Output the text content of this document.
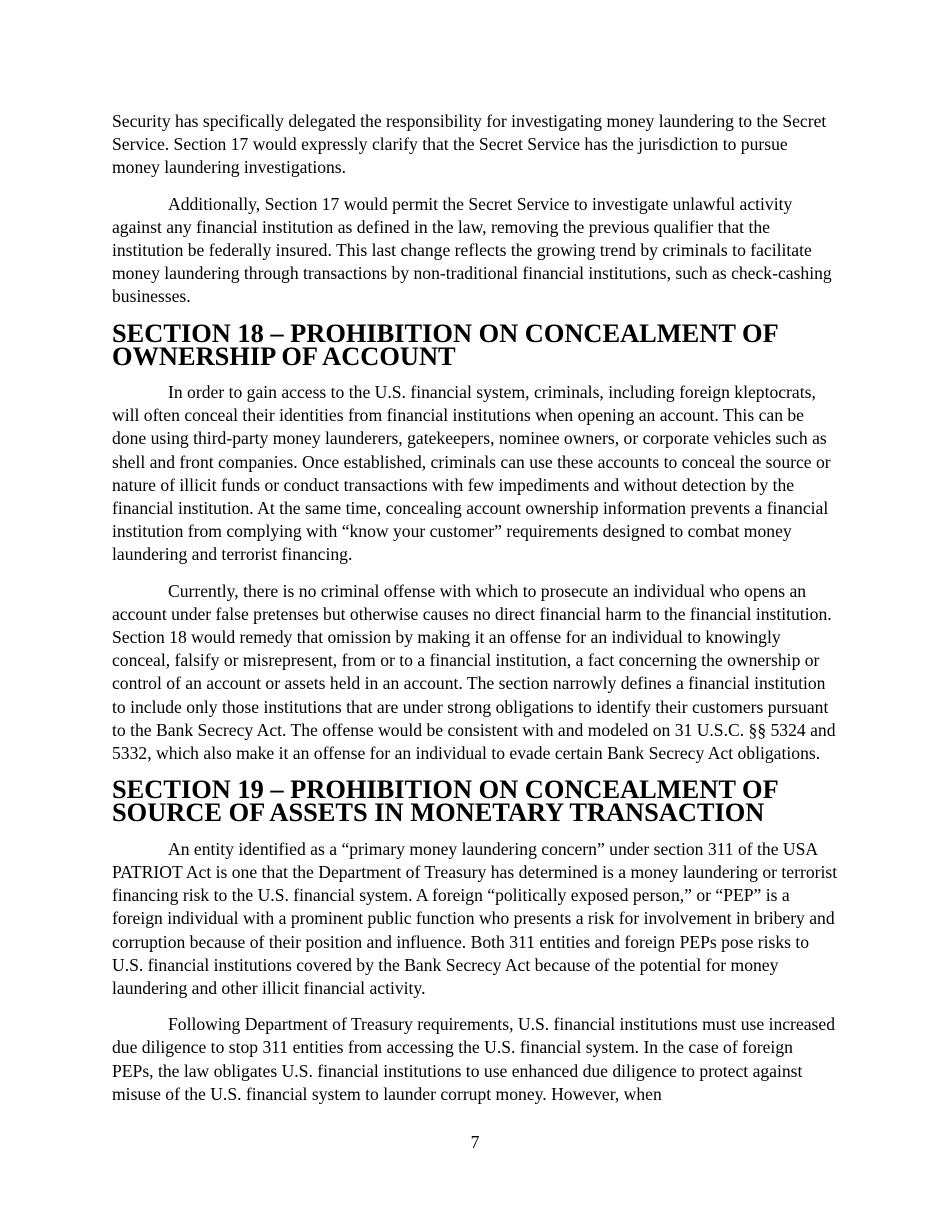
Security has specifically delegated the responsibility for investigating money laundering to the Secret Service. Section 17 would expressly clarify that the Secret Service has the jurisdiction to pursue money laundering investigations.

Additionally, Section 17 would permit the Secret Service to investigate unlawful activity against any financial institution as defined in the law, removing the previous qualifier that the institution be federally insured. This last change reflects the growing trend by criminals to facilitate money laundering through transactions by non-traditional financial institutions, such as check-cashing businesses.

SECTION 18 – PROHIBITION ON CONCEALMENT OF OWNERSHIP OF ACCOUNT

In order to gain access to the U.S. financial system, criminals, including foreign kleptocrats, will often conceal their identities from financial institutions when opening an account. This can be done using third-party money launderers, gatekeepers, nominee owners, or corporate vehicles such as shell and front companies. Once established, criminals can use these accounts to conceal the source or nature of illicit funds or conduct transactions with few impediments and without detection by the financial institution. At the same time, concealing account ownership information prevents a financial institution from complying with “know your customer” requirements designed to combat money laundering and terrorist financing.

Currently, there is no criminal offense with which to prosecute an individual who opens an account under false pretenses but otherwise causes no direct financial harm to the financial institution. Section 18 would remedy that omission by making it an offense for an individual to knowingly conceal, falsify or misrepresent, from or to a financial institution, a fact concerning the ownership or control of an account or assets held in an account. The section narrowly defines a financial institution to include only those institutions that are under strong obligations to identify their customers pursuant to the Bank Secrecy Act. The offense would be consistent with and modeled on 31 U.S.C. §§ 5324 and 5332, which also make it an offense for an individual to evade certain Bank Secrecy Act obligations.

SECTION 19 – PROHIBITION ON CONCEALMENT OF SOURCE OF ASSETS IN MONETARY TRANSACTION

An entity identified as a “primary money laundering concern” under section 311 of the USA PATRIOT Act is one that the Department of Treasury has determined is a money laundering or terrorist financing risk to the U.S. financial system. A foreign “politically exposed person,” or “PEP” is a foreign individual with a prominent public function who presents a risk for involvement in bribery and corruption because of their position and influence. Both 311 entities and foreign PEPs pose risks to U.S. financial institutions covered by the Bank Secrecy Act because of the potential for money laundering and other illicit financial activity.

Following Department of Treasury requirements, U.S. financial institutions must use increased due diligence to stop 311 entities from accessing the U.S. financial system. In the case of foreign PEPs, the law obligates U.S. financial institutions to use enhanced due diligence to protect against misuse of the U.S. financial system to launder corrupt money. However, when

7
